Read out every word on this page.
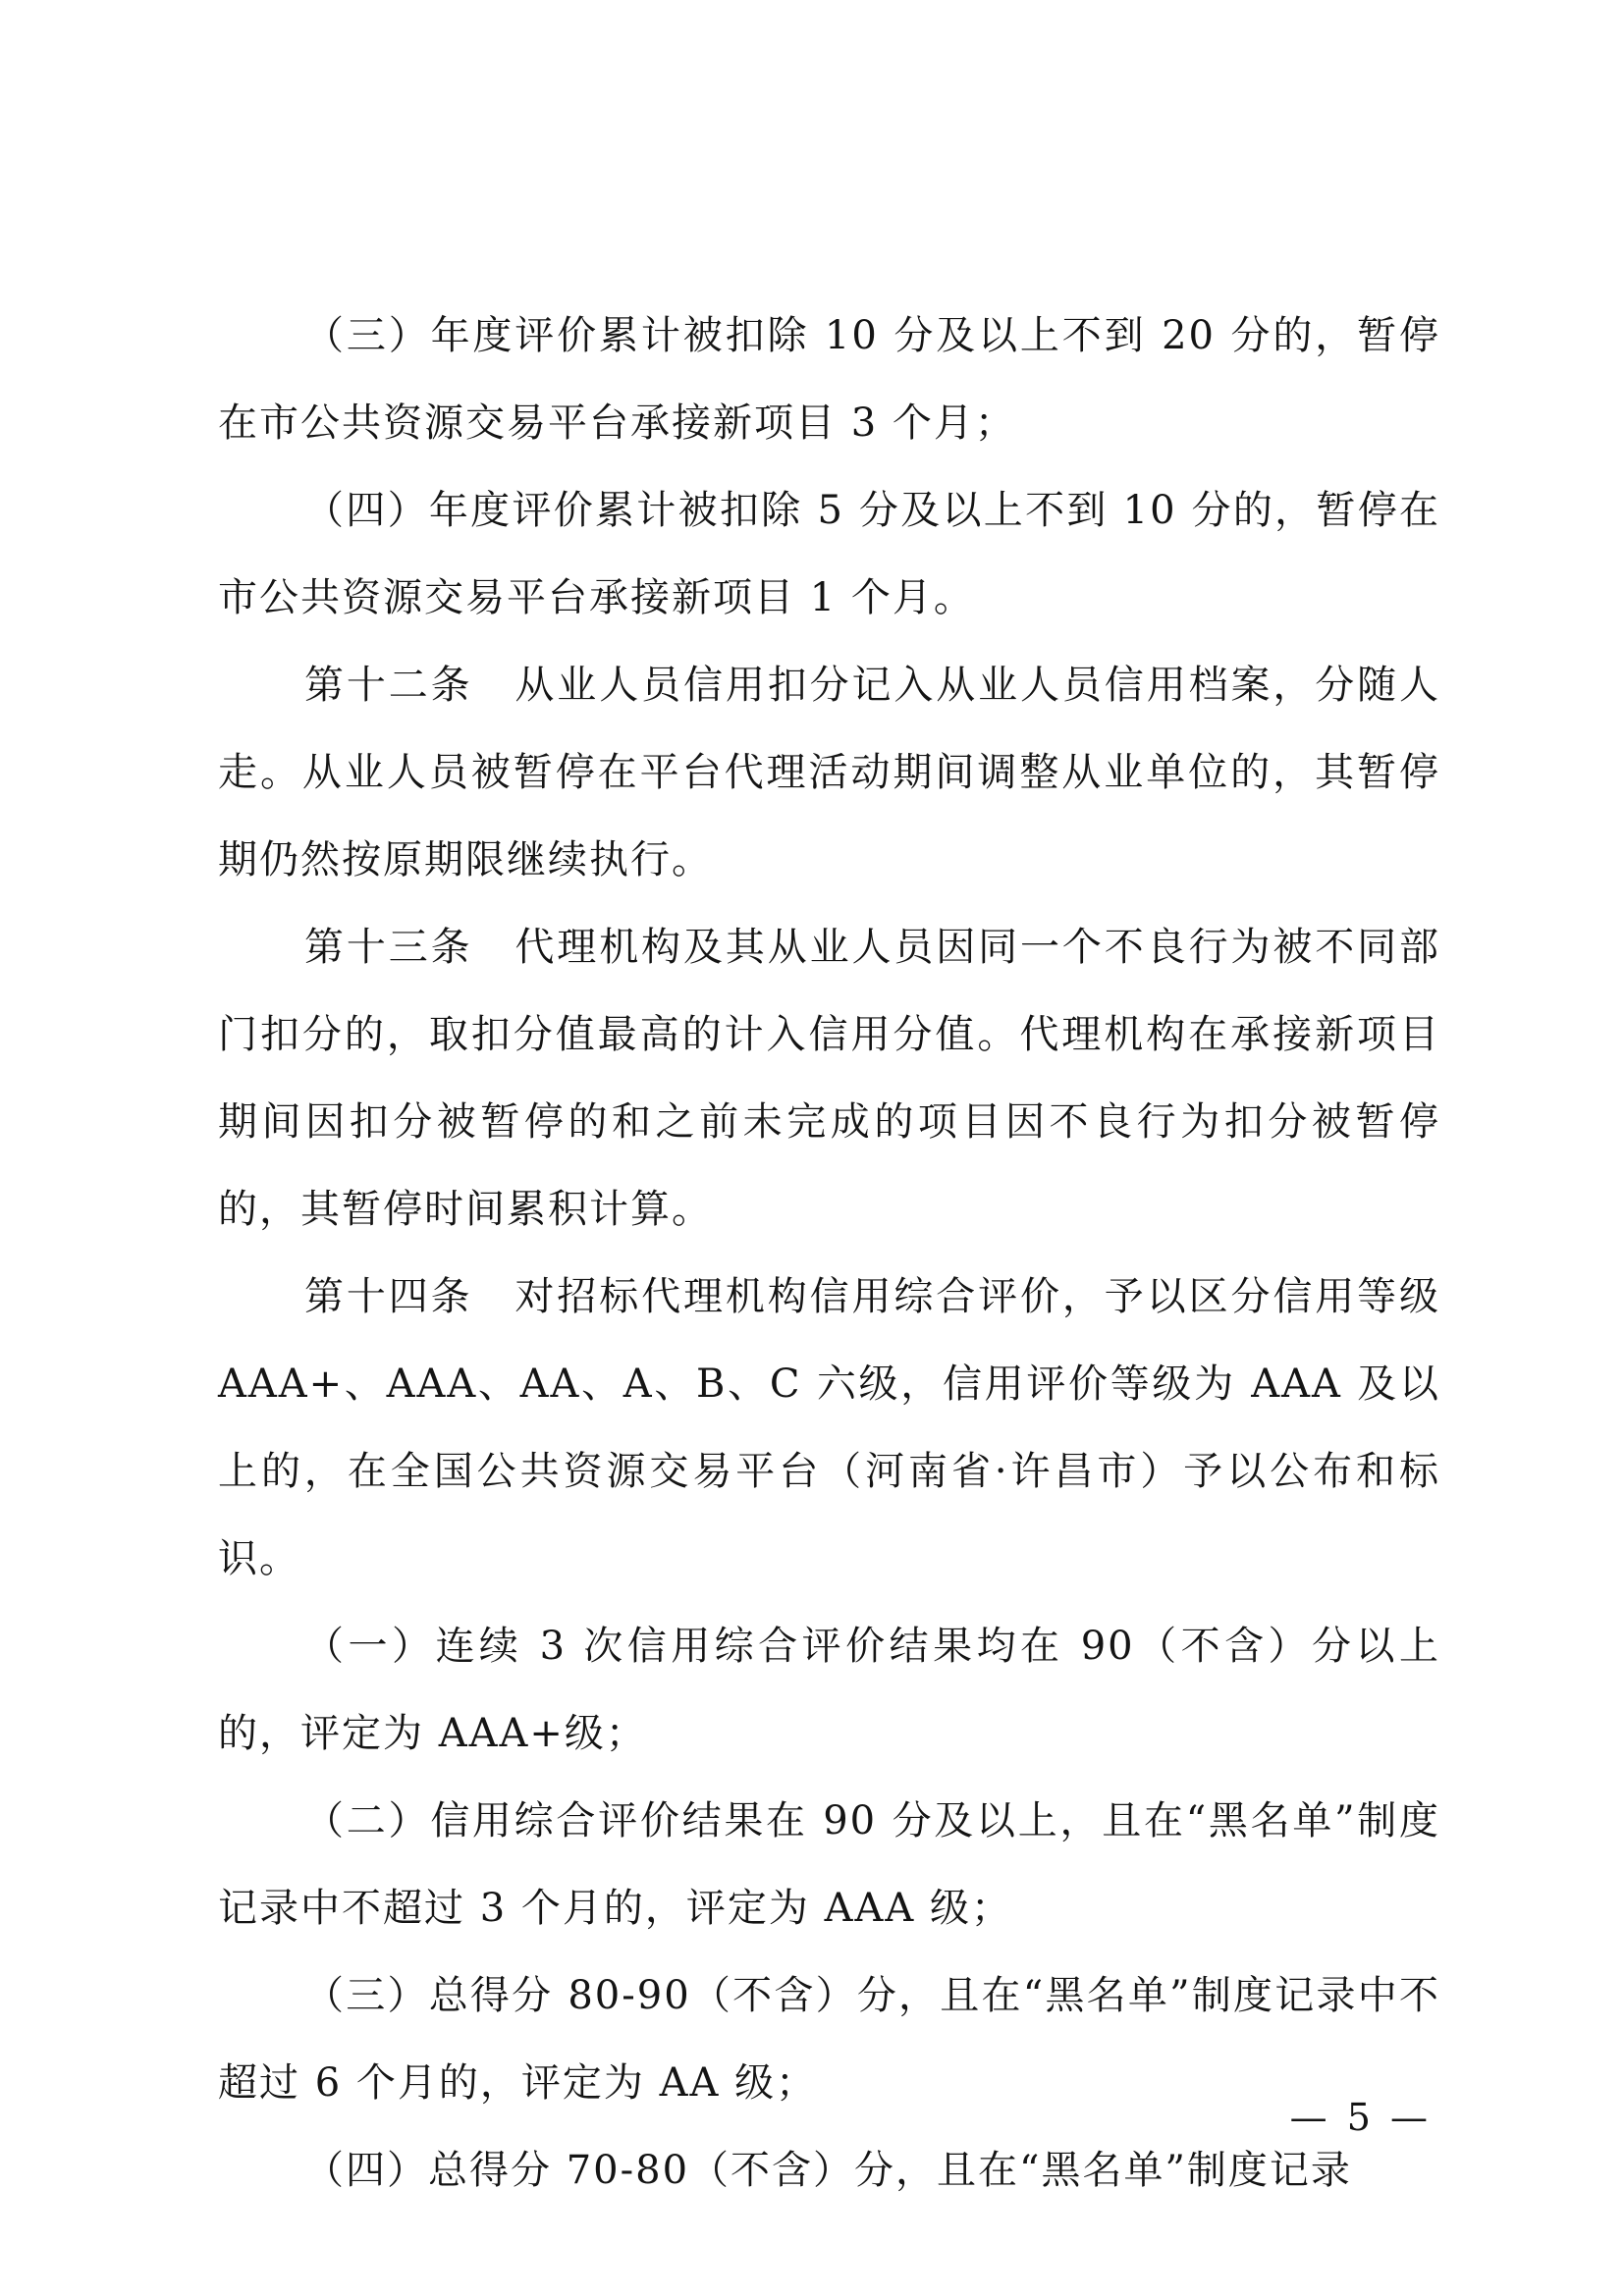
（三）年度评价累计被扣除 10 分及以上不到 20 分的，暂停在市公共资源交易平台承接新项目 3 个月；

（四）年度评价累计被扣除 5 分及以上不到 10 分的，暂停在市公共资源交易平台承接新项目 1 个月。

第十二条　从业人员信用扣分记入从业人员信用档案，分随人走。从业人员被暂停在平台代理活动期间调整从业单位的，其暂停期仍然按原期限继续执行。

第十三条　代理机构及其从业人员因同一个不良行为被不同部门扣分的，取扣分值最高的计入信用分值。代理机构在承接新项目期间因扣分被暂停的和之前未完成的项目因不良行为扣分被暂停的，其暂停时间累积计算。

第十四条　对招标代理机构信用综合评价，予以区分信用等级 AAA+、AAA、AA、A、B、C 六级，信用评价等级为 AAA 及以上的，在全国公共资源交易平台（河南省·许昌市）予以公布和标识。

（一）连续 3 次信用综合评价结果均在 90（不含）分以上的，评定为 AAA+级；

（二）信用综合评价结果在 90 分及以上，且在“黑名单”制度记录中不超过 3 个月的，评定为 AAA 级；

（三）总得分 80-90（不含）分，且在“黑名单”制度记录中不超过 6 个月的，评定为 AA 级；

（四）总得分 70-80（不含）分，且在“黑名单”制度记录

— 5 —
